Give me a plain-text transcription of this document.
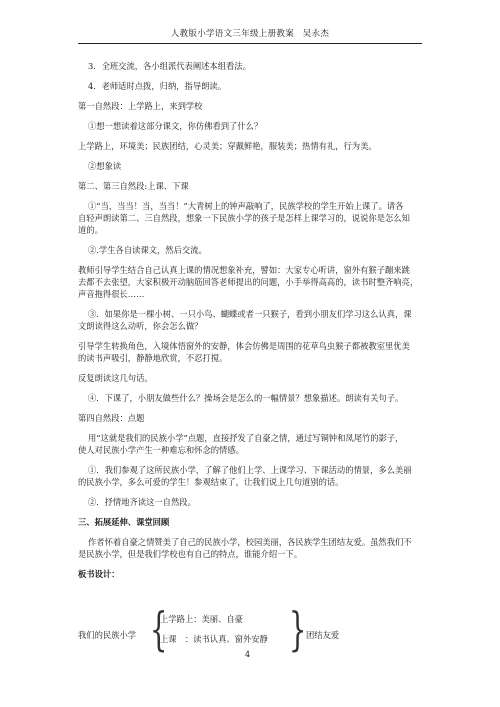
人教版小学语文三年级上册教案　吴永杰
3．全班交流，各小组派代表阐述本组看法。
4．老师适时点拨，归纳，指导朗读。
第一自然段：上学路上，来到学校
①想一想读着这部分课文，你仿佛看到了什么？
上学路上，环境美；民族团结，心灵美；穿戴鲜艳，服装美；热情有礼，行为美。
②想象读
第二、第三自然段:上课、下课
①“当，当当！当，当当！”大青树上的钟声敲响了，民族学校的学生开始上课了。请各
自轻声朗读第二、三自然段，想象一下民族小学的孩子是怎样上课学习的，说说你是怎么知
道的。
②.学生各自读课文，然后交流。
教师引导学生结合自己认真上课的情况想象补充，譬如：大家专心听讲，窗外有猴子蹦来跳
去都不去张望，大家积极开动脑筋回答老师提出的问题，小手举得高高的，读书时整齐响亮，
声音拖得很长……
③．如果你是一棵小树、一只小鸟、蝴蝶或者一只猴子，看到小朋友们学习这么认真，课
文朗读得这么动听，你会怎么做？
引导学生转换角色，入境体悟窗外的安静，体会仿佛是周围的花草鸟虫猴子都被教室里优美
的读书声吸引，静静地欣赏，不忍打搅。
反复朗读这几句话。
④．下课了，小朋友做些什么？操场会是怎么的一幅情景？想象描述。朗读有关句子。
第四自然段：点题
用“这就是我们的民族小学”点题，直接抒发了自豪之情，通过写铜钟和凤尾竹的影子，
使人对民族小学产生一种难忘和怀念的情感。
①．我们参观了这所民族小学，了解了他们上学、上课学习、下课活动的情景，多么美丽
的民族小学，多么可爱的学生！参观结束了，让我们说上几句道别的话。
②．抒情地齐读这一自然段。
三、拓展延伸、课堂回顾
作者怀着自豪之情赞美了自己的民族小学，校园美丽，各民族学生团结友爱。虽然我们不
是民族小学，但是我们学校也有自己的特点，谁能介绍一下。
板书设计：
我们的民族小学 {
上学路上：美丽、自豪
上课　：读书认真、窗外安静 } 团结友爱
4
